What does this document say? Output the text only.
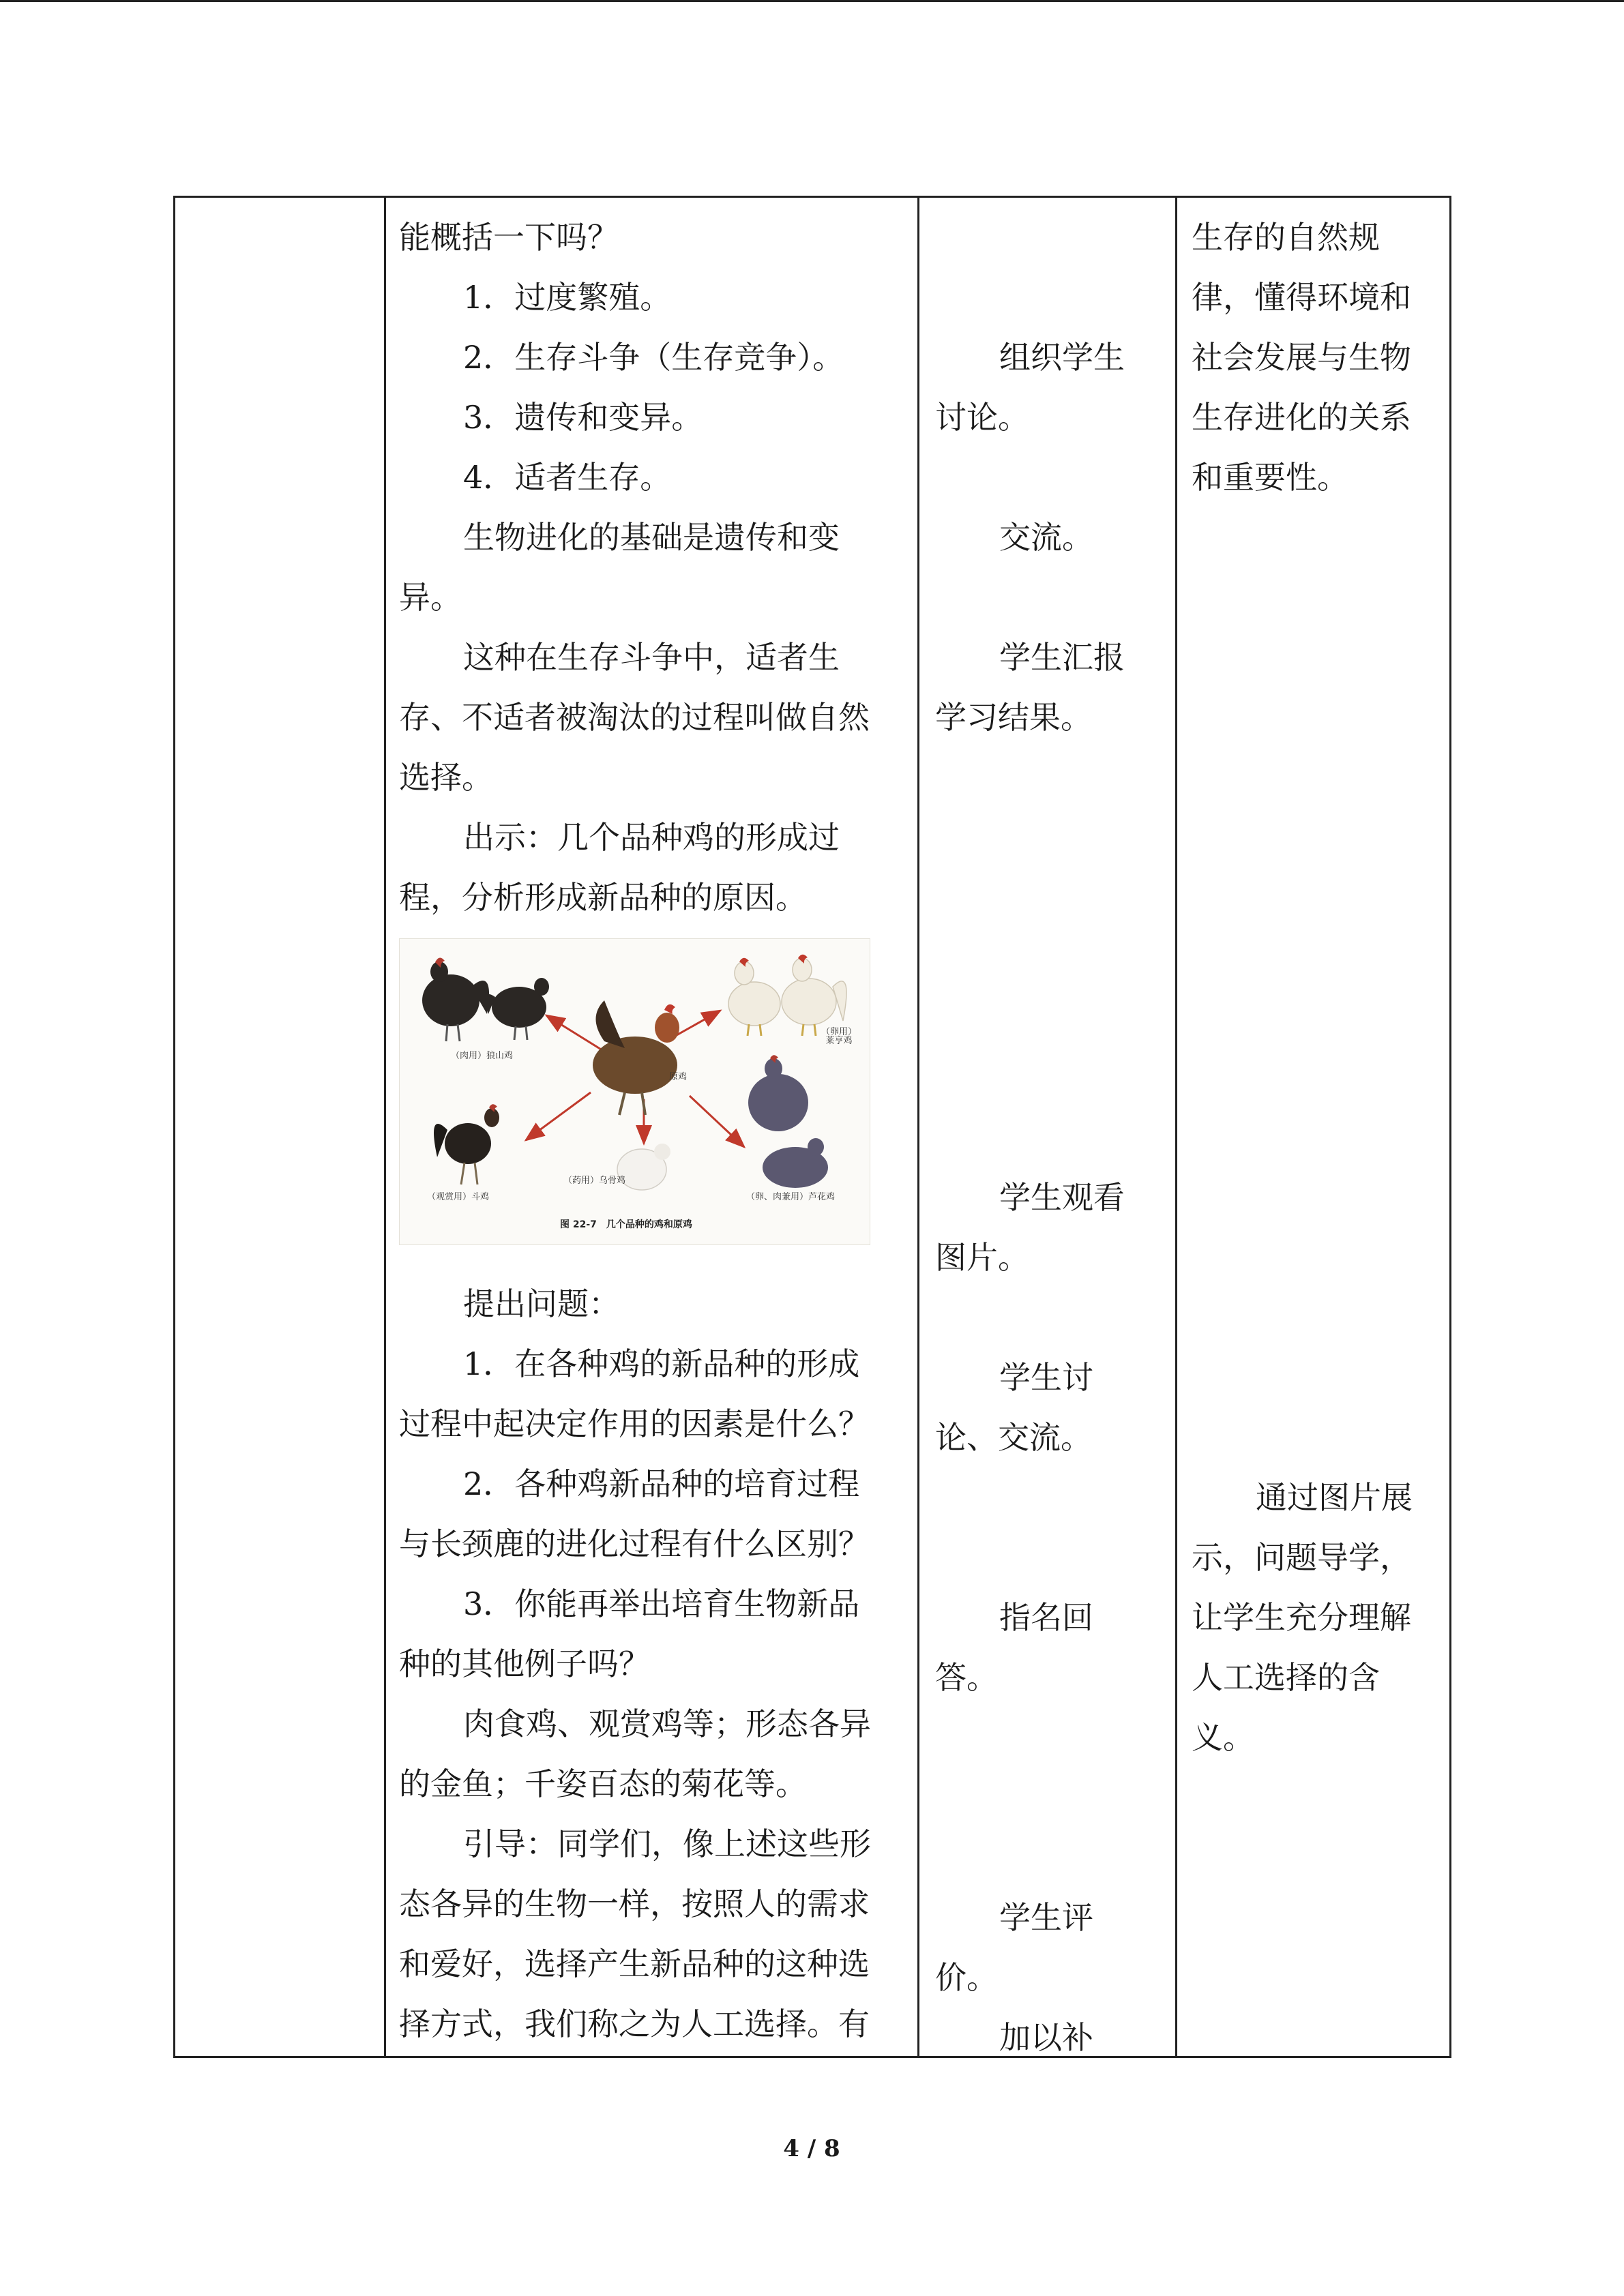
能概括一下吗？
1．过度繁殖。
2．生存斗争（生存竞争）。
3．遗传和变异。
4．适者生存。
生物进化的基础是遗传和变
异。
这种在生存斗争中，适者生
存、不适者被淘汰的过程叫做自然
选择。
出示：几个品种鸡的形成过
程，分析形成新品种的原因。
（肉用）狼山鸡
（卵用）
莱亨鸡
原鸡
（观赏用）斗鸡
（药用）乌骨鸡
（卵、肉兼用）芦花鸡
图 22-7　几个品种的鸡和原鸡
提出问题：
1．在各种鸡的新品种的形成
过程中起决定作用的因素是什么？
2．各种鸡新品种的培育过程
与长颈鹿的进化过程有什么区别？
3．你能再举出培育生物新品
种的其他例子吗？
肉食鸡、观赏鸡等；形态各异
的金鱼；千姿百态的菊花等。
引导：同学们，像上述这些形
态各异的生物一样，按照人的需求
和爱好，选择产生新品种的这种选
择方式，我们称之为人工选择。有
组织学生
讨论。
交流。
学生汇报
学习结果。
学生观看
图片。
学生讨
论、交流。
指名回
答。
学生评
价。
加以补
生存的自然规
律，懂得环境和
社会发展与生物
生存进化的关系
和重要性。
通过图片展
示，问题导学，
让学生充分理解
人工选择的含
义。
4 / 8
